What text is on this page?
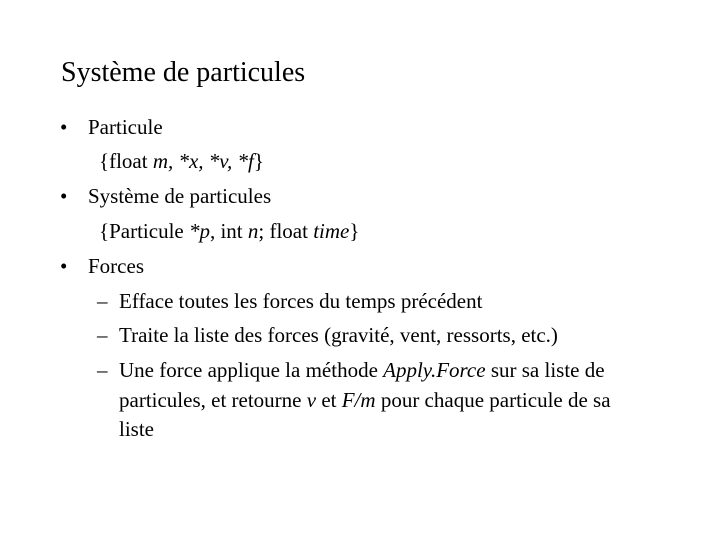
Système de particules
• Particule
{float m, *x, *v, *f}
• Système de particules
{Particule *p, int n; float time}
• Forces
– Efface toutes les forces du temps précédent
– Traite la liste des forces (gravité, vent, ressorts, etc.)
– Une force applique la méthode Apply.Force sur sa liste de
particules, et retourne v et F/m pour chaque particule de sa
liste
